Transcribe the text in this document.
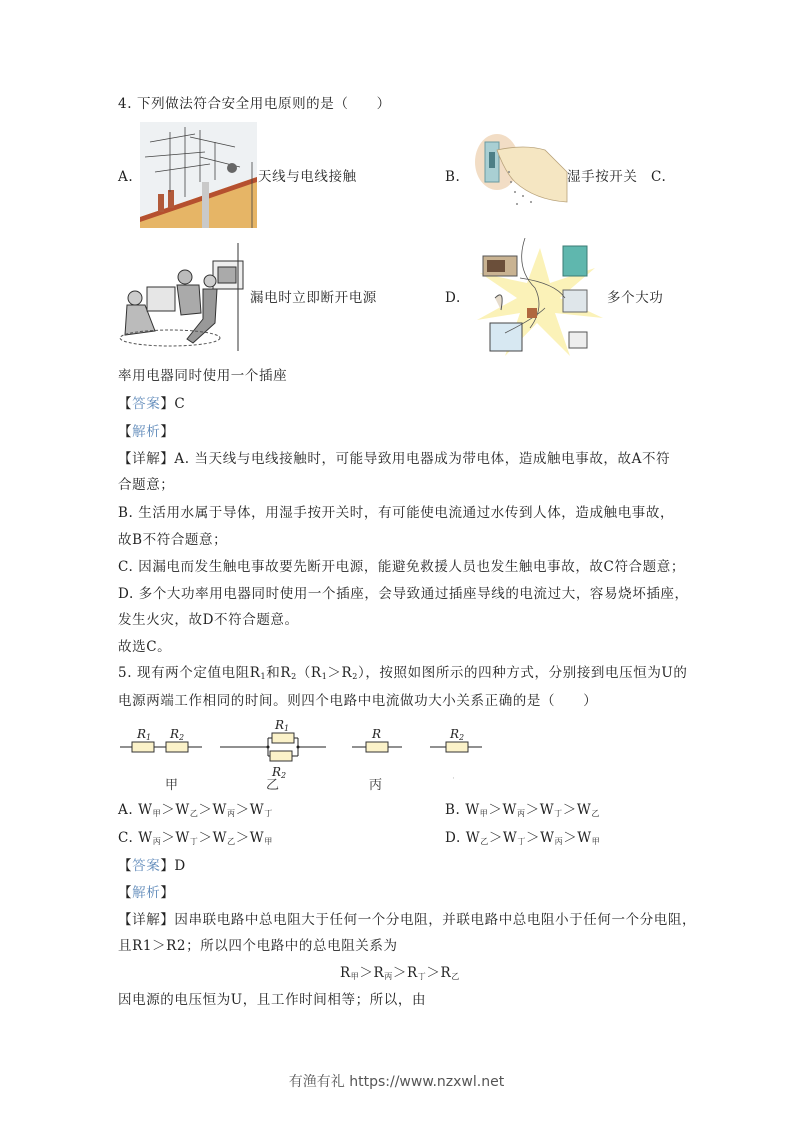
4. 下列做法符合安全用电原则的是（　　）
A.	天线与电线接触	B.	湿手按开关 C.
漏电时立即断开电源	D.	多个大功
率用电器同时使用一个插座
【答案】C
【解析】
【详解】A. 当天线与电线接触时，可能导致用电器成为带电体，造成触电事故，故A不符
合题意；
B. 生活用水属于导体，用湿手按开关时，有可能使电流通过水传到人体，造成触电事故，
故B不符合题意；
C. 因漏电而发生触电事故要先断开电源，能避免救援人员也发生触电事故，故C符合题意；
D. 多个大功率用电器同时使用一个插座，会导致通过插座导线的电流过大，容易烧坏插座，
发生火灾，故D不符合题意。
故选C。
5. 现有两个定值电阻$R_1$和$R_2(R_1>R_2)$，按照如图所示的四种方式，分别接到电压恒为U的
电源两端工作相同的时间。则四个电路中电流做功大小关系正确的是（　　）
R1 R2
R1
R2
R	R2
甲	乙	丙	·
A. $W_甲>W_乙>W_丙>W_丁$	B. $W_甲>W_丙>W_丁>W_乙$
C. $W_丙>W_丁>W_乙>W_甲$	D. $W_乙>W_丁>W_丙>W_甲$
【答案】D
【解析】
【详解】因串联电路中总电阻大于任何一个分电阻，并联电路中总电阻小于任何一个分电阻，
且R1＞R2；所以四个电路中的总电阻关系为
$R_甲>R_丙>R_丁>R_乙$
因电源的电压恒为U，且工作时间相等；所以，由
有渔有礼 https://www.nzxwl.net
